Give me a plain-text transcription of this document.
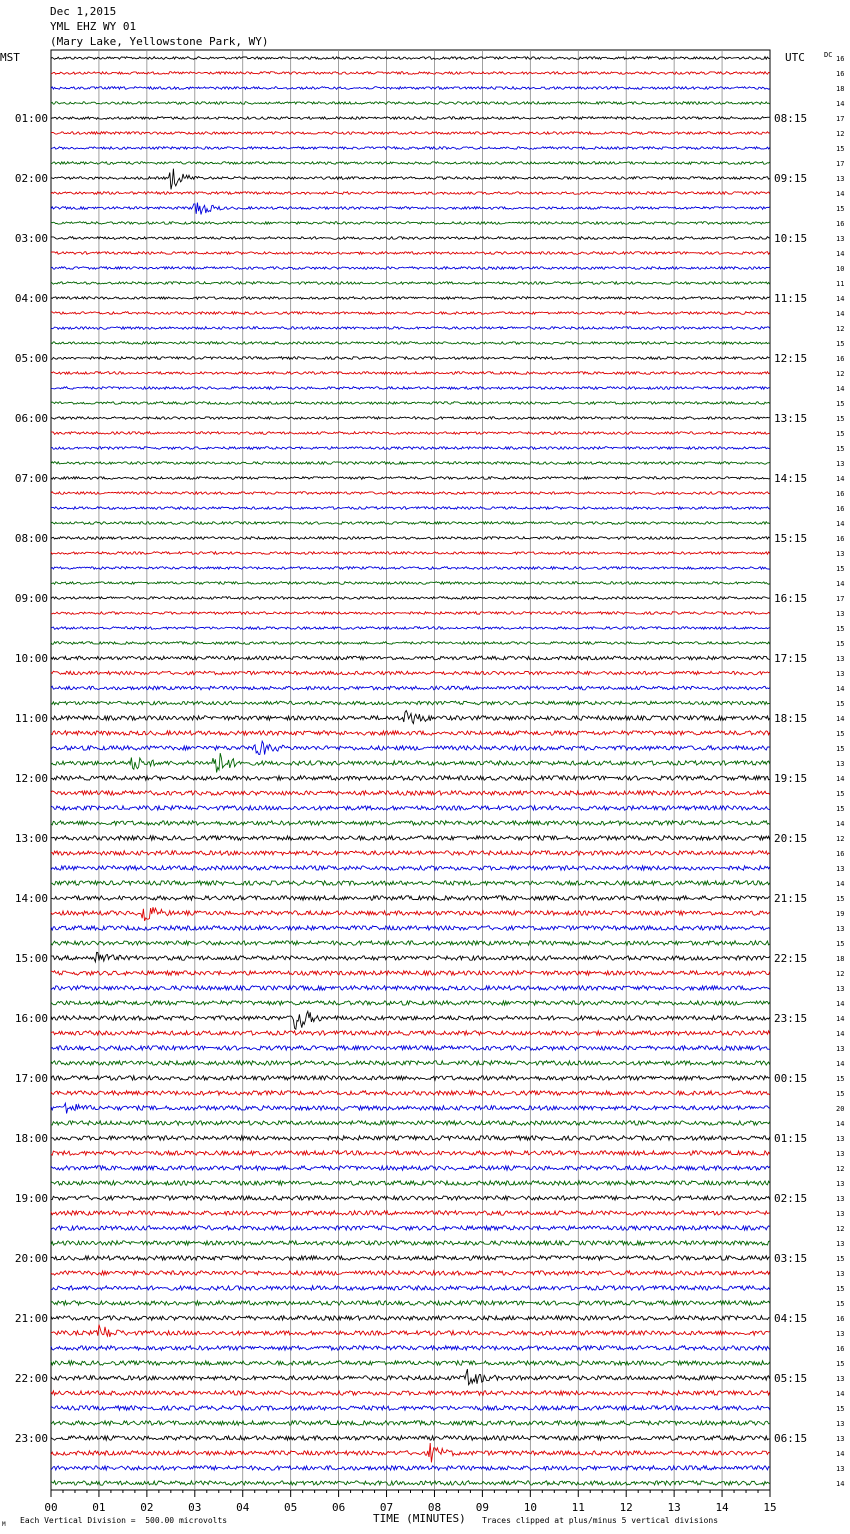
Dec 1,2015
YML EHZ WY 01
(Mary Lake, Yellowstone Park, WY)
MST	UTC	DC
TIME (MINUTES)
Each Vertical Division =  500.00 microvolts	Traces clipped at plus/minus 5 vertical divisions
M
00	01	02	03	04	05	06	07	08	09	10	11	12	13	14	15
16
16
18
14
17
12
15
17
13
14
15
16
13
14
10
11
14
14
12
15
16
12
14
15
15
15
15
13
14
16
16
14
16
13
15
14
17
13
15
15
13
13
14
15
14
15
15
13
14
15
15
14
12
16
13
14
15
19
13
15
18
12
13
14
14
14
13
14
15
15
20
14
13
13
12
13
13
13
12
13
15
13
15
15
16
13
16
15
13
14
15
13
13
14
13
14
01:00
02:00
03:00
04:00
05:00
06:00
07:00
08:00
09:00
10:00
11:00
12:00
13:00
14:00
15:00
16:00
17:00
18:00
19:00
20:00
21:00
22:00
23:00
08:15
09:15
10:15
11:15
12:15
13:15
14:15
15:15
16:15
17:15
18:15
19:15
20:15
21:15
22:15
23:15
00:15
01:15
02:15
03:15
04:15
05:15
06:15
